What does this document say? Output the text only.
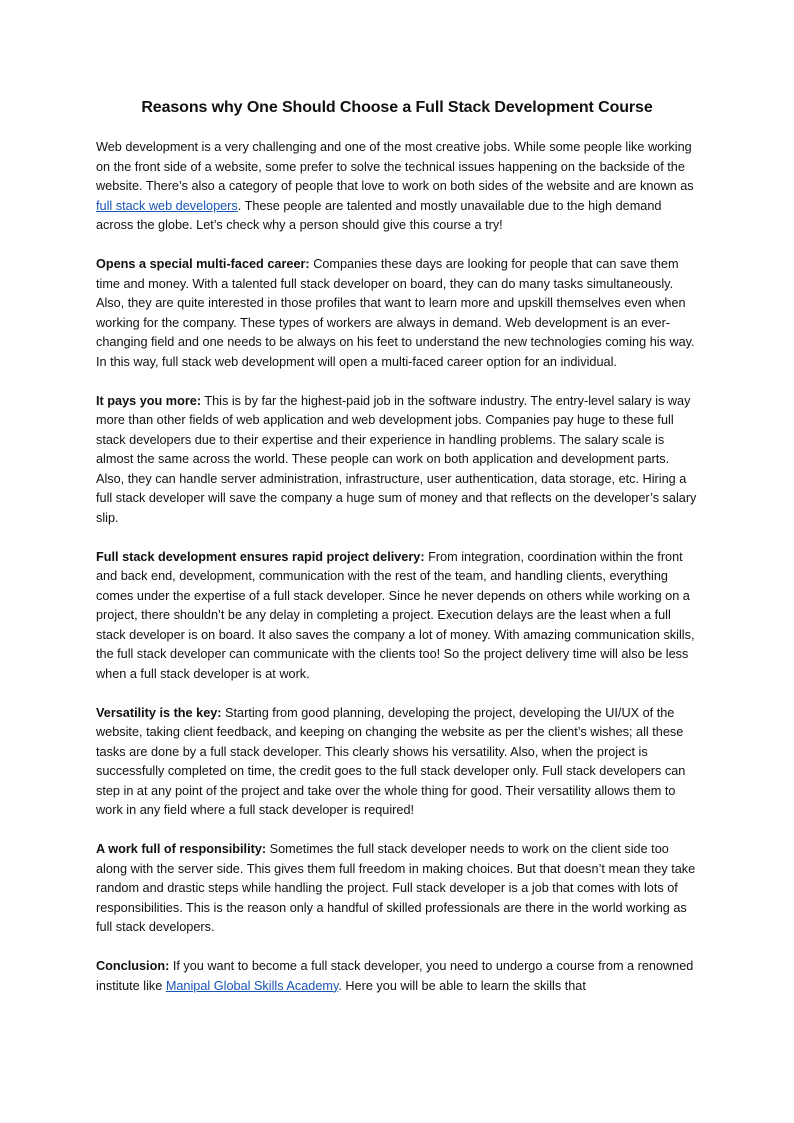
Reasons why One Should Choose a Full Stack Development Course

Web development is a very challenging and one of the most creative jobs. While some people like working on the front side of a website, some prefer to solve the technical issues happening on the backside of the website. There’s also a category of people that love to work on both sides of the website and are known as full stack web developers. These people are talented and mostly unavailable due to the high demand across the globe. Let’s check why a person should give this course a try!

Opens a special multi-faced career: Companies these days are looking for people that can save them time and money. With a talented full stack developer on board, they can do many tasks simultaneously. Also, they are quite interested in those profiles that want to learn more and upskill themselves even when working for the company. These types of workers are always in demand. Web development is an ever-changing field and one needs to be always on his feet to understand the new technologies coming his way. In this way, full stack web development will open a multi-faced career option for an individual.

It pays you more: This is by far the highest-paid job in the software industry. The entry-level salary is way more than other fields of web application and web development jobs. Companies pay huge to these full stack developers due to their expertise and their experience in handling problems. The salary scale is almost the same across the world. These people can work on both application and development parts. Also, they can handle server administration, infrastructure, user authentication, data storage, etc. Hiring a full stack developer will save the company a huge sum of money and that reflects on the developer’s salary slip.

Full stack development ensures rapid project delivery: From integration, coordination within the front and back end, development, communication with the rest of the team, and handling clients, everything comes under the expertise of a full stack developer. Since he never depends on others while working on a project, there shouldn’t be any delay in completing a project. Execution delays are the least when a full stack developer is on board. It also saves the company a lot of money. With amazing communication skills, the full stack developer can communicate with the clients too! So the project delivery time will also be less when a full stack developer is at work.

Versatility is the key: Starting from good planning, developing the project, developing the UI/UX of the website, taking client feedback, and keeping on changing the website as per the client’s wishes; all these tasks are done by a full stack developer. This clearly shows his versatility. Also, when the project is successfully completed on time, the credit goes to the full stack developer only. Full stack developers can step in at any point of the project and take over the whole thing for good. Their versatility allows them to work in any field where a full stack developer is required!

A work full of responsibility: Sometimes the full stack developer needs to work on the client side too along with the server side. This gives them full freedom in making choices. But that doesn’t mean they take random and drastic steps while handling the project. Full stack developer is a job that comes with lots of responsibilities. This is the reason only a handful of skilled professionals are there in the world working as full stack developers.

Conclusion: If you want to become a full stack developer, you need to undergo a course from a renowned institute like Manipal Global Skills Academy. Here you will be able to learn the skills that
